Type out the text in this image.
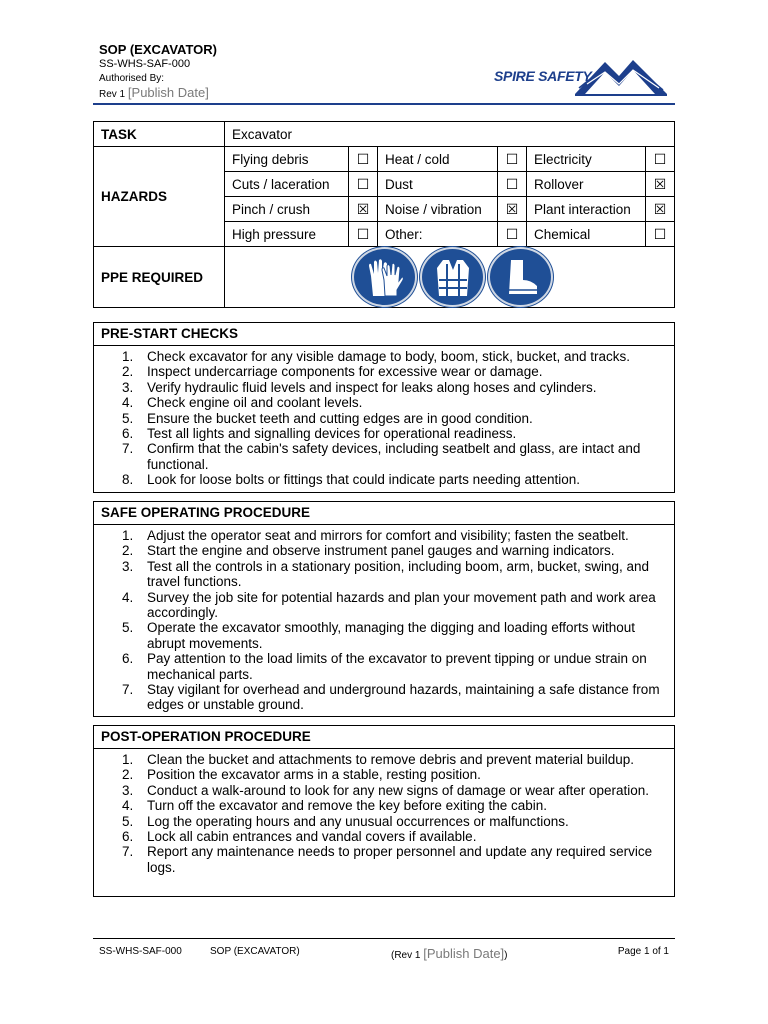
SOP (EXCAVATOR)
SS-WHS-SAF-000
Authorised By:
Rev 1 [Publish Date]
SPIRE SAFETY
TASK	Excavator					
HAZARDS	Flying debris	☐	Heat / cold	☐	Electricity	☐
	Cuts / laceration	☐	Dust	☐	Rollover	☒
	Pinch / crush	☒	Noise / vibration	☒	Plant interaction	☒
	High pressure	☐	Other:	☐	Chemical	☐
PPE REQUIRED	
PRE-START CHECKS
1.	Check excavator for any visible damage to body, boom, stick, bucket, and tracks.
2.	Inspect undercarriage components for excessive wear or damage.
3.	Verify hydraulic fluid levels and inspect for leaks along hoses and cylinders.
4.	Check engine oil and coolant levels.
5.	Ensure the bucket teeth and cutting edges are in good condition.
6.	Test all lights and signalling devices for operational readiness.
7.	Confirm that the cabin's safety devices, including seatbelt and glass, are intact and functional.
8.	Look for loose bolts or fittings that could indicate parts needing attention.
SAFE OPERATING PROCEDURE
1.	Adjust the operator seat and mirrors for comfort and visibility; fasten the seatbelt.
2.	Start the engine and observe instrument panel gauges and warning indicators.
3.	Test all the controls in a stationary position, including boom, arm, bucket, swing, and travel functions.
4.	Survey the job site for potential hazards and plan your movement path and work area accordingly.
5.	Operate the excavator smoothly, managing the digging and loading efforts without abrupt movements.
6.	Pay attention to the load limits of the excavator to prevent tipping or undue strain on mechanical parts.
7.	Stay vigilant for overhead and underground hazards, maintaining a safe distance from edges or unstable ground.
POST-OPERATION PROCEDURE
1.	Clean the bucket and attachments to remove debris and prevent material buildup.
2.	Position the excavator arms in a stable, resting position.
3.	Conduct a walk-around to look for any new signs of damage or wear after operation.
4.	Turn off the excavator and remove the key before exiting the cabin.
5.	Log the operating hours and any unusual occurrences or malfunctions.
6.	Lock all cabin entrances and vandal covers if available.
7.	Report any maintenance needs to proper personnel and update any required service logs.
SS-WHS-SAF-000	SOP (EXCAVATOR)	(Rev 1 [Publish Date])	Page 1 of 1
